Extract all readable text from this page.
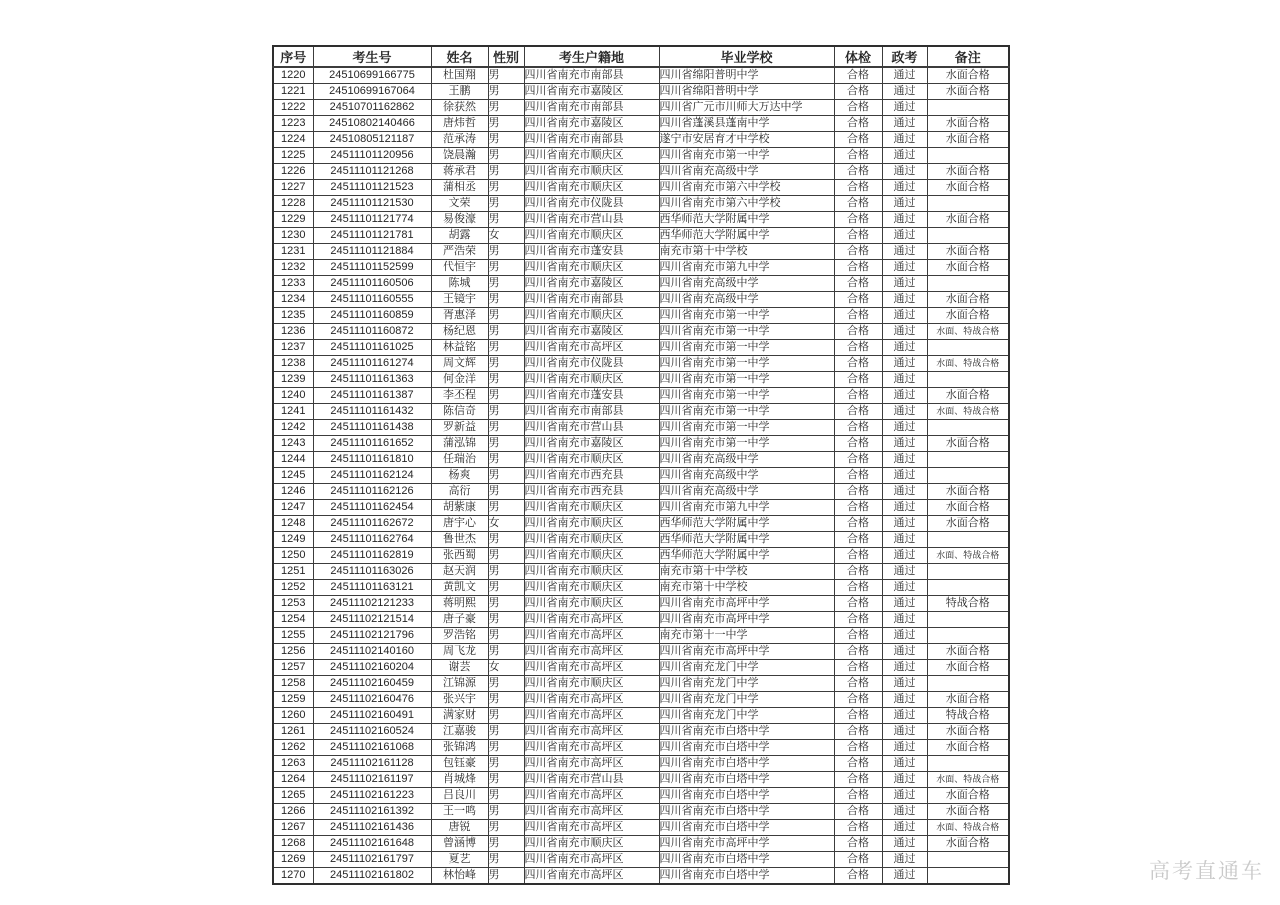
序号	考生号	姓名	性别	考生户籍地	毕业学校	体检	政考	备注
1220	24510699166775	杜国翔	男	四川省南充市南部县	四川省绵阳普明中学	合格	通过	水面合格
1221	24510699167064	王鹏	男	四川省南充市嘉陵区	四川省绵阳普明中学	合格	通过	水面合格
1222	24510701162862	徐获然	男	四川省南充市南部县	四川省广元市川师大万达中学	合格	通过	
1223	24510802140466	唐炜哲	男	四川省南充市嘉陵区	四川省蓬溪县蓬南中学	合格	通过	水面合格
1224	24510805121187	范承涛	男	四川省南充市南部县	遂宁市安居育才中学校	合格	通过	水面合格
1225	24511101120956	饶晨瀚	男	四川省南充市顺庆区	四川省南充市第一中学	合格	通过	
1226	24511101121268	蒋承君	男	四川省南充市顺庆区	四川省南充高级中学	合格	通过	水面合格
1227	24511101121523	蒲相丞	男	四川省南充市顺庆区	四川省南充市第六中学校	合格	通过	水面合格
1228	24511101121530	文荣	男	四川省南充市仪陇县	四川省南充市第六中学校	合格	通过	
1229	24511101121774	易俊濠	男	四川省南充市营山县	西华师范大学附属中学	合格	通过	水面合格
1230	24511101121781	胡露	女	四川省南充市顺庆区	西华师范大学附属中学	合格	通过	
1231	24511101121884	严浩荣	男	四川省南充市蓬安县	南充市第十中学校	合格	通过	水面合格
1232	24511101152599	代恒宇	男	四川省南充市顺庆区	四川省南充市第九中学	合格	通过	水面合格
1233	24511101160506	陈城	男	四川省南充市嘉陵区	四川省南充高级中学	合格	通过	
1234	24511101160555	王镜宇	男	四川省南充市南部县	四川省南充高级中学	合格	通过	水面合格
1235	24511101160859	胥惠泽	男	四川省南充市顺庆区	四川省南充市第一中学	合格	通过	水面合格
1236	24511101160872	杨纪恩	男	四川省南充市嘉陵区	四川省南充市第一中学	合格	通过	水面、特战合格
1237	24511101161025	林益铭	男	四川省南充市高坪区	四川省南充市第一中学	合格	通过	
1238	24511101161274	周文辉	男	四川省南充市仪陇县	四川省南充市第一中学	合格	通过	水面、特战合格
1239	24511101161363	何金洋	男	四川省南充市顺庆区	四川省南充市第一中学	合格	通过	
1240	24511101161387	李丕程	男	四川省南充市蓬安县	四川省南充市第一中学	合格	通过	水面合格
1241	24511101161432	陈信奇	男	四川省南充市南部县	四川省南充市第一中学	合格	通过	水面、特战合格
1242	24511101161438	罗新益	男	四川省南充市营山县	四川省南充市第一中学	合格	通过	
1243	24511101161652	蒲泓锦	男	四川省南充市嘉陵区	四川省南充市第一中学	合格	通过	水面合格
1244	24511101161810	任瑞治	男	四川省南充市顺庆区	四川省南充高级中学	合格	通过	
1245	24511101162124	杨爽	男	四川省南充市西充县	四川省南充高级中学	合格	通过	
1246	24511101162126	高衍	男	四川省南充市西充县	四川省南充高级中学	合格	通过	水面合格
1247	24511101162454	胡紫康	男	四川省南充市顺庆区	四川省南充市第九中学	合格	通过	水面合格
1248	24511101162672	唐宇心	女	四川省南充市顺庆区	西华师范大学附属中学	合格	通过	水面合格
1249	24511101162764	鲁世杰	男	四川省南充市顺庆区	西华师范大学附属中学	合格	通过	
1250	24511101162819	张西蜀	男	四川省南充市顺庆区	西华师范大学附属中学	合格	通过	水面、特战合格
1251	24511101163026	赵天润	男	四川省南充市顺庆区	南充市第十中学校	合格	通过	
1252	24511101163121	黄凯文	男	四川省南充市顺庆区	南充市第十中学校	合格	通过	
1253	24511102121233	蒋明熙	男	四川省南充市顺庆区	四川省南充市高坪中学	合格	通过	特战合格
1254	24511102121514	唐子豪	男	四川省南充市高坪区	四川省南充市高坪中学	合格	通过	
1255	24511102121796	罗浩铭	男	四川省南充市高坪区	南充市第十一中学	合格	通过	
1256	24511102140160	周飞龙	男	四川省南充市高坪区	四川省南充市高坪中学	合格	通过	水面合格
1257	24511102160204	谢芸	女	四川省南充市高坪区	四川省南充龙门中学	合格	通过	水面合格
1258	24511102160459	江锦源	男	四川省南充市顺庆区	四川省南充龙门中学	合格	通过	
1259	24511102160476	张兴宇	男	四川省南充市高坪区	四川省南充龙门中学	合格	通过	水面合格
1260	24511102160491	满家财	男	四川省南充市高坪区	四川省南充龙门中学	合格	通过	特战合格
1261	24511102160524	江嘉骏	男	四川省南充市高坪区	四川省南充市白塔中学	合格	通过	水面合格
1262	24511102161068	张锦鸿	男	四川省南充市高坪区	四川省南充市白塔中学	合格	通过	水面合格
1263	24511102161128	包钰豪	男	四川省南充市高坪区	四川省南充市白塔中学	合格	通过	
1264	24511102161197	肖城烽	男	四川省南充市营山县	四川省南充市白塔中学	合格	通过	水面、特战合格
1265	24511102161223	吕良川	男	四川省南充市高坪区	四川省南充市白塔中学	合格	通过	水面合格
1266	24511102161392	王一鸣	男	四川省南充市高坪区	四川省南充市白塔中学	合格	通过	水面合格
1267	24511102161436	唐锐	男	四川省南充市高坪区	四川省南充市白塔中学	合格	通过	水面、特战合格
1268	24511102161648	曾涵博	男	四川省南充市顺庆区	四川省南充市高坪中学	合格	通过	水面合格
1269	24511102161797	夏艺	男	四川省南充市高坪区	四川省南充市白塔中学	合格	通过	
1270	24511102161802	林怡峰	男	四川省南充市高坪区	四川省南充市白塔中学	合格	通过		高考直通车
